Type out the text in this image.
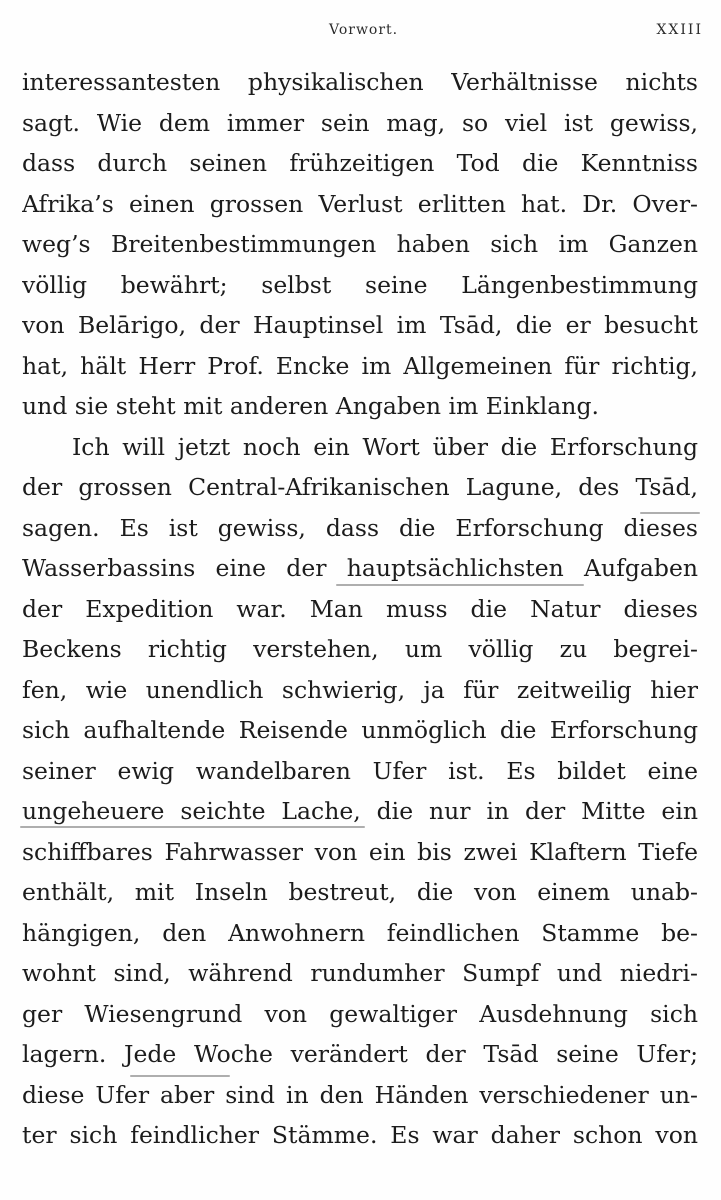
Vorwort.	XXIII
interessantesten physikalischen Verhältnisse nichts
sagt. Wie dem immer sein mag, so viel ist gewiss,
dass durch seinen frühzeitigen Tod die Kenntniss
Afrika’s einen grossen Verlust erlitten hat. Dr. Over-
weg’s Breitenbestimmungen haben sich im Ganzen
völlig bewährt; selbst seine Längenbestimmung
von Belārigo, der Hauptinsel im Tsād, die er besucht
hat, hält Herr Prof. Encke im Allgemeinen für richtig,
und sie steht mit anderen Angaben im Einklang.
Ich will jetzt noch ein Wort über die Erforschung
der grossen Central-Afrikanischen Lagune, des Tsād,
sagen. Es ist gewiss, dass die Erforschung dieses
Wasserbassins eine der hauptsächlichsten Aufgaben
der Expedition war. Man muss die Natur dieses
Beckens richtig verstehen, um völlig zu begrei-
fen, wie unendlich schwierig, ja für zeitweilig hier
sich aufhaltende Reisende unmöglich die Erforschung
seiner ewig wandelbaren Ufer ist. Es bildet eine
ungeheuere seichte Lache, die nur in der Mitte ein
schiffbares Fahrwasser von ein bis zwei Klaftern Tiefe
enthält, mit Inseln bestreut, die von einem unab-
hängigen, den Anwohnern feindlichen Stamme be-
wohnt sind, während rundumher Sumpf und niedri-
ger Wiesengrund von gewaltiger Ausdehnung sich
lagern. Jede Woche verändert der Tsād seine Ufer;
diese Ufer aber sind in den Händen verschiedener un-
ter sich feindlicher Stämme. Es war daher schon von
